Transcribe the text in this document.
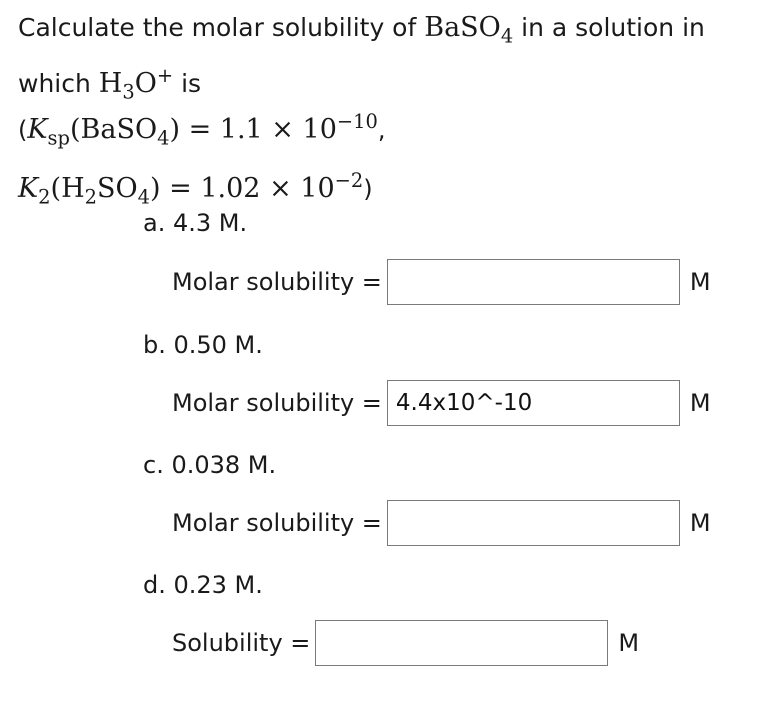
Calculate the molar solubility of BaSO$_4$ in a solution in which $H_3O^+$ is
($K_{sp}(BaSO_4) = 1.1 \times 10^{-10}$,
$K_2(H_2SO_4) = 1.02 \times 10^{-2}$)
a. 4.3 M.
Molar solubility =	M
b. 0.50 M.
Molar solubility =
4.4x10^-10	M
c. 0.038 M.
Molar solubility =	M
d. 0.23 M.
Solubility =	M
